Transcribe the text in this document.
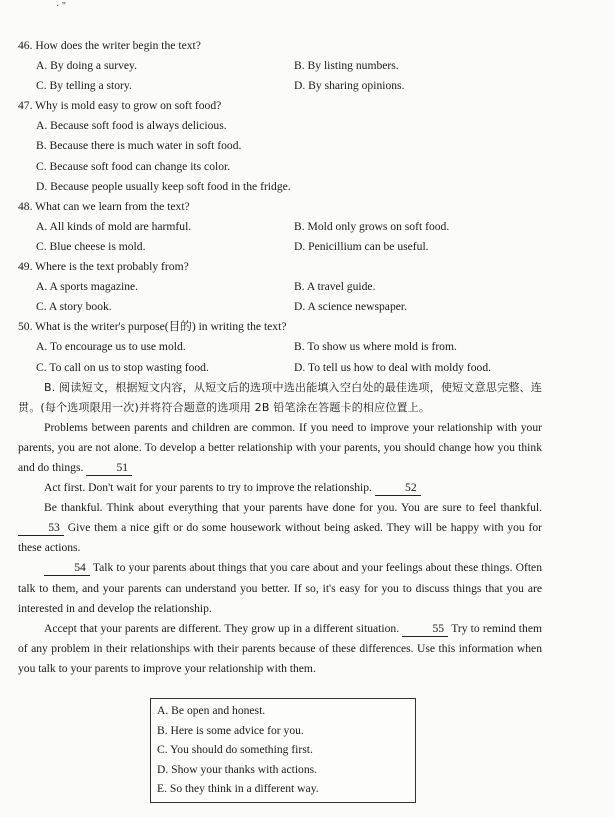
· "
46. How does the writer begin the text?
A. By doing a survey.	B. By listing numbers.
C. By telling a story.	D. By sharing opinions.
47. Why is mold easy to grow on soft food?
A. Because soft food is always delicious.
B. Because there is much water in soft food.
C. Because soft food can change its color.
D. Because people usually keep soft food in the fridge.
48. What can we learn from the text?
A. All kinds of mold are harmful.	B. Mold only grows on soft food.
C. Blue cheese is mold.	D. Penicillium can be useful.
49. Where is the text probably from?
A. A sports magazine.	B. A travel guide.
C. A story book.	D. A science newspaper.
50. What is the writer's purpose(目的) in writing the text?
A. To encourage us to use mold.	B. To show us where mold is from.
C. To call on us to stop wasting food.	D. To tell us how to deal with moldy food.
B. 阅读短文，根据短文内容，从短文后的选项中选出能填入空白处的最佳选项，使短文意思完整、连贯。(每个选项限用一次)并将符合题意的选项用 2B 铅笔涂在答题卡的相应位置上。
Problems between parents and children are common. If you need to improve your relationship with your parents, you are not alone. To develop a better relationship with your parents, you should change how you think and do things.	51
Act first. Don't wait for your parents to try to improve the relationship.	52
Be thankful. Think about everything that your parents have done for you. You are sure to feel thankful. 53 Give them a nice gift or do some housework without being asked. They will be happy with you for these actions.
54 Talk to your parents about things that you care about and your feelings about these things. Often talk to them, and your parents can understand you better. If so, it's easy for you to discuss things that you are interested in and develop the relationship.
Accept that your parents are different. They grow up in a different situation.	55 Try to remind them of any problem in their relationships with their parents because of these differences. Use this information when you talk to your parents to improve your relationship with them.
A. Be open and honest.
B. Here is some advice for you.
C. You should do something first.
D. Show your thanks with actions.
E. So they think in a different way.
